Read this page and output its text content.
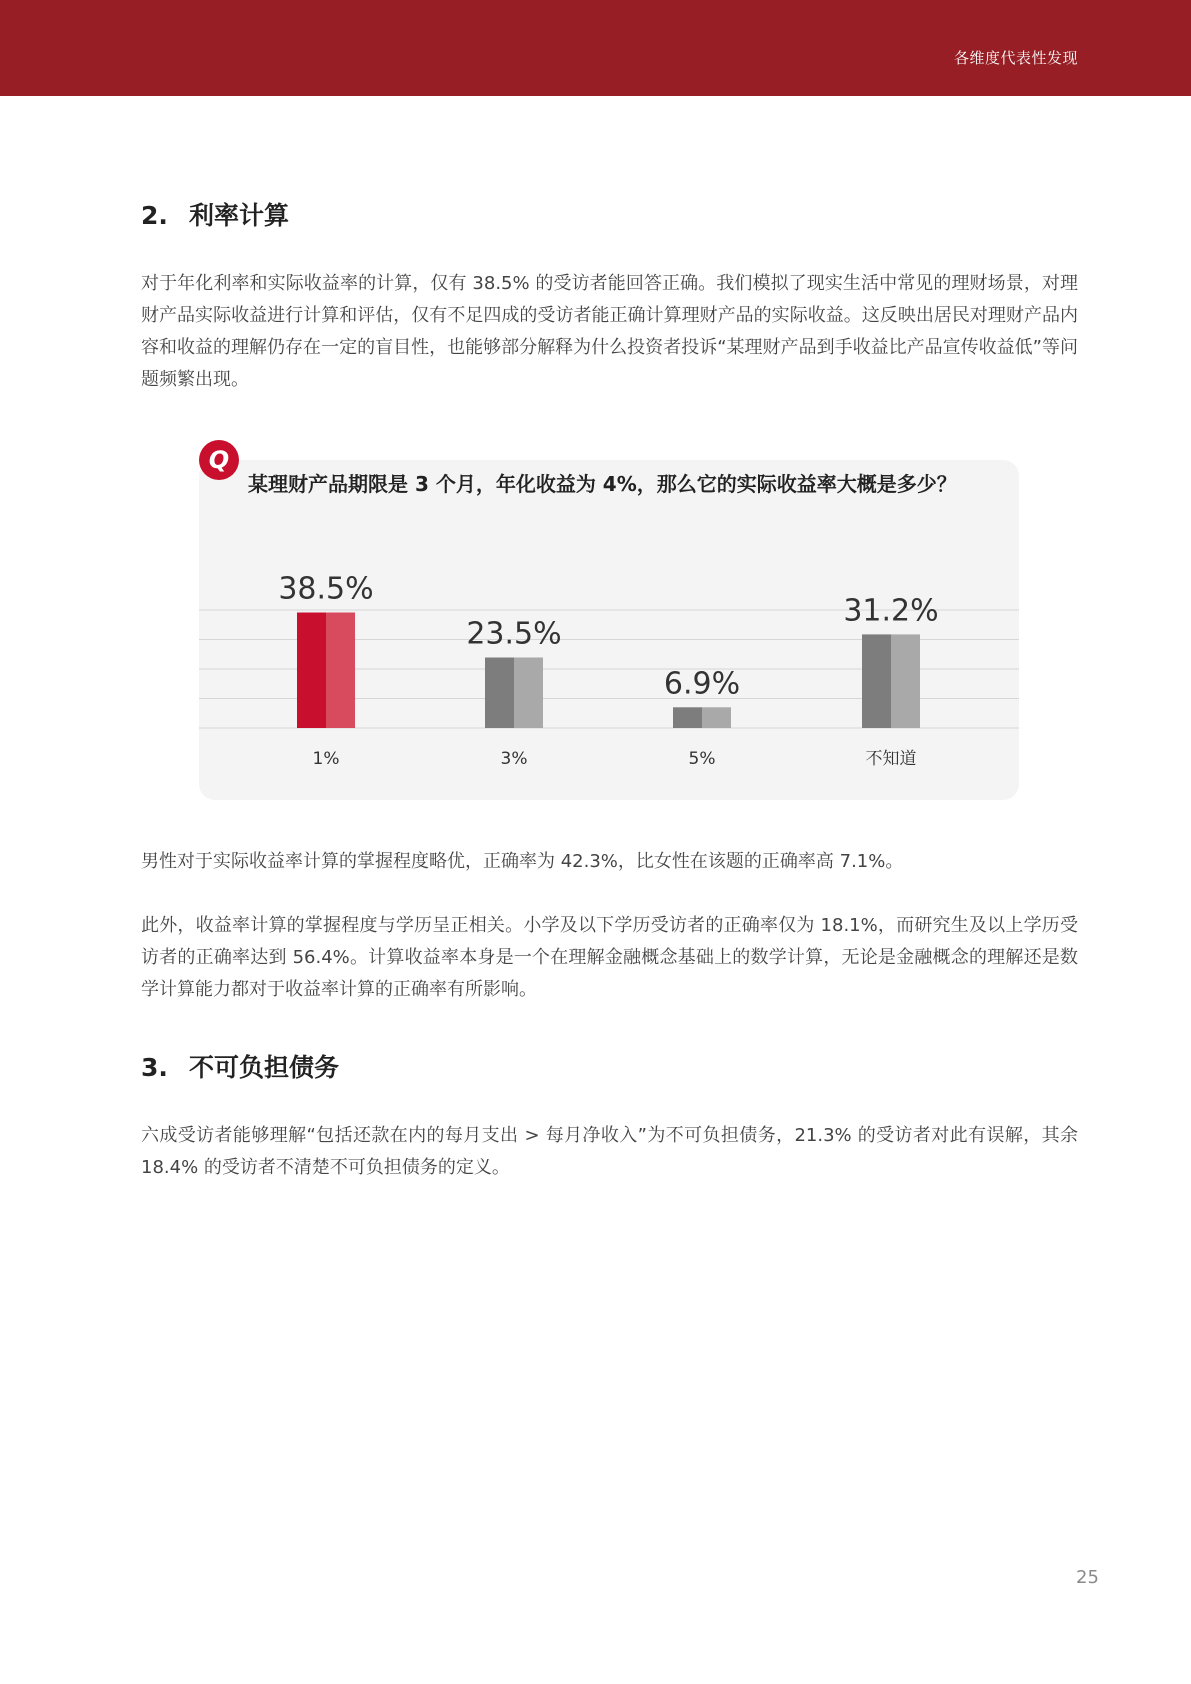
各维度代表性发现
2. 利率计算

对于年化利率和实际收益率的计算，仅有 38.5% 的受访者能回答正确。我们模拟了现实生活中常见的理财场景，对理财产品实际收益进行计算和评估，仅有不足四成的受访者能正确计算理财产品的实际收益。这反映出居民对理财产品内容和收益的理解仍存在一定的盲目性，也能够部分解释为什么投资者投诉“某理财产品到手收益比产品宣传收益低”等问题频繁出现。

Q

某理财产品期限是 3 个月，年化收益为 4%，那么它的实际收益率大概是多少？

38.5%
1%
23.5%
3%
6.9%
5%
31.2%
不知道

男性对于实际收益率计算的掌握程度略优，正确率为 42.3%，比女性在该题的正确率高 7.1%。

此外，收益率计算的掌握程度与学历呈正相关。小学及以下学历受访者的正确率仅为 18.1%，而研究生及以上学历受访者的正确率达到 56.4%。计算收益率本身是一个在理解金融概念基础上的数学计算，无论是金融概念的理解还是数学计算能力都对于收益率计算的正确率有所影响。

3. 不可负担债务

六成受访者能够理解“包括还款在内的每月支出 > 每月净收入”为不可负担债务，21.3% 的受访者对此有误解，其余 18.4% 的受访者不清楚不可负担债务的定义。

25
